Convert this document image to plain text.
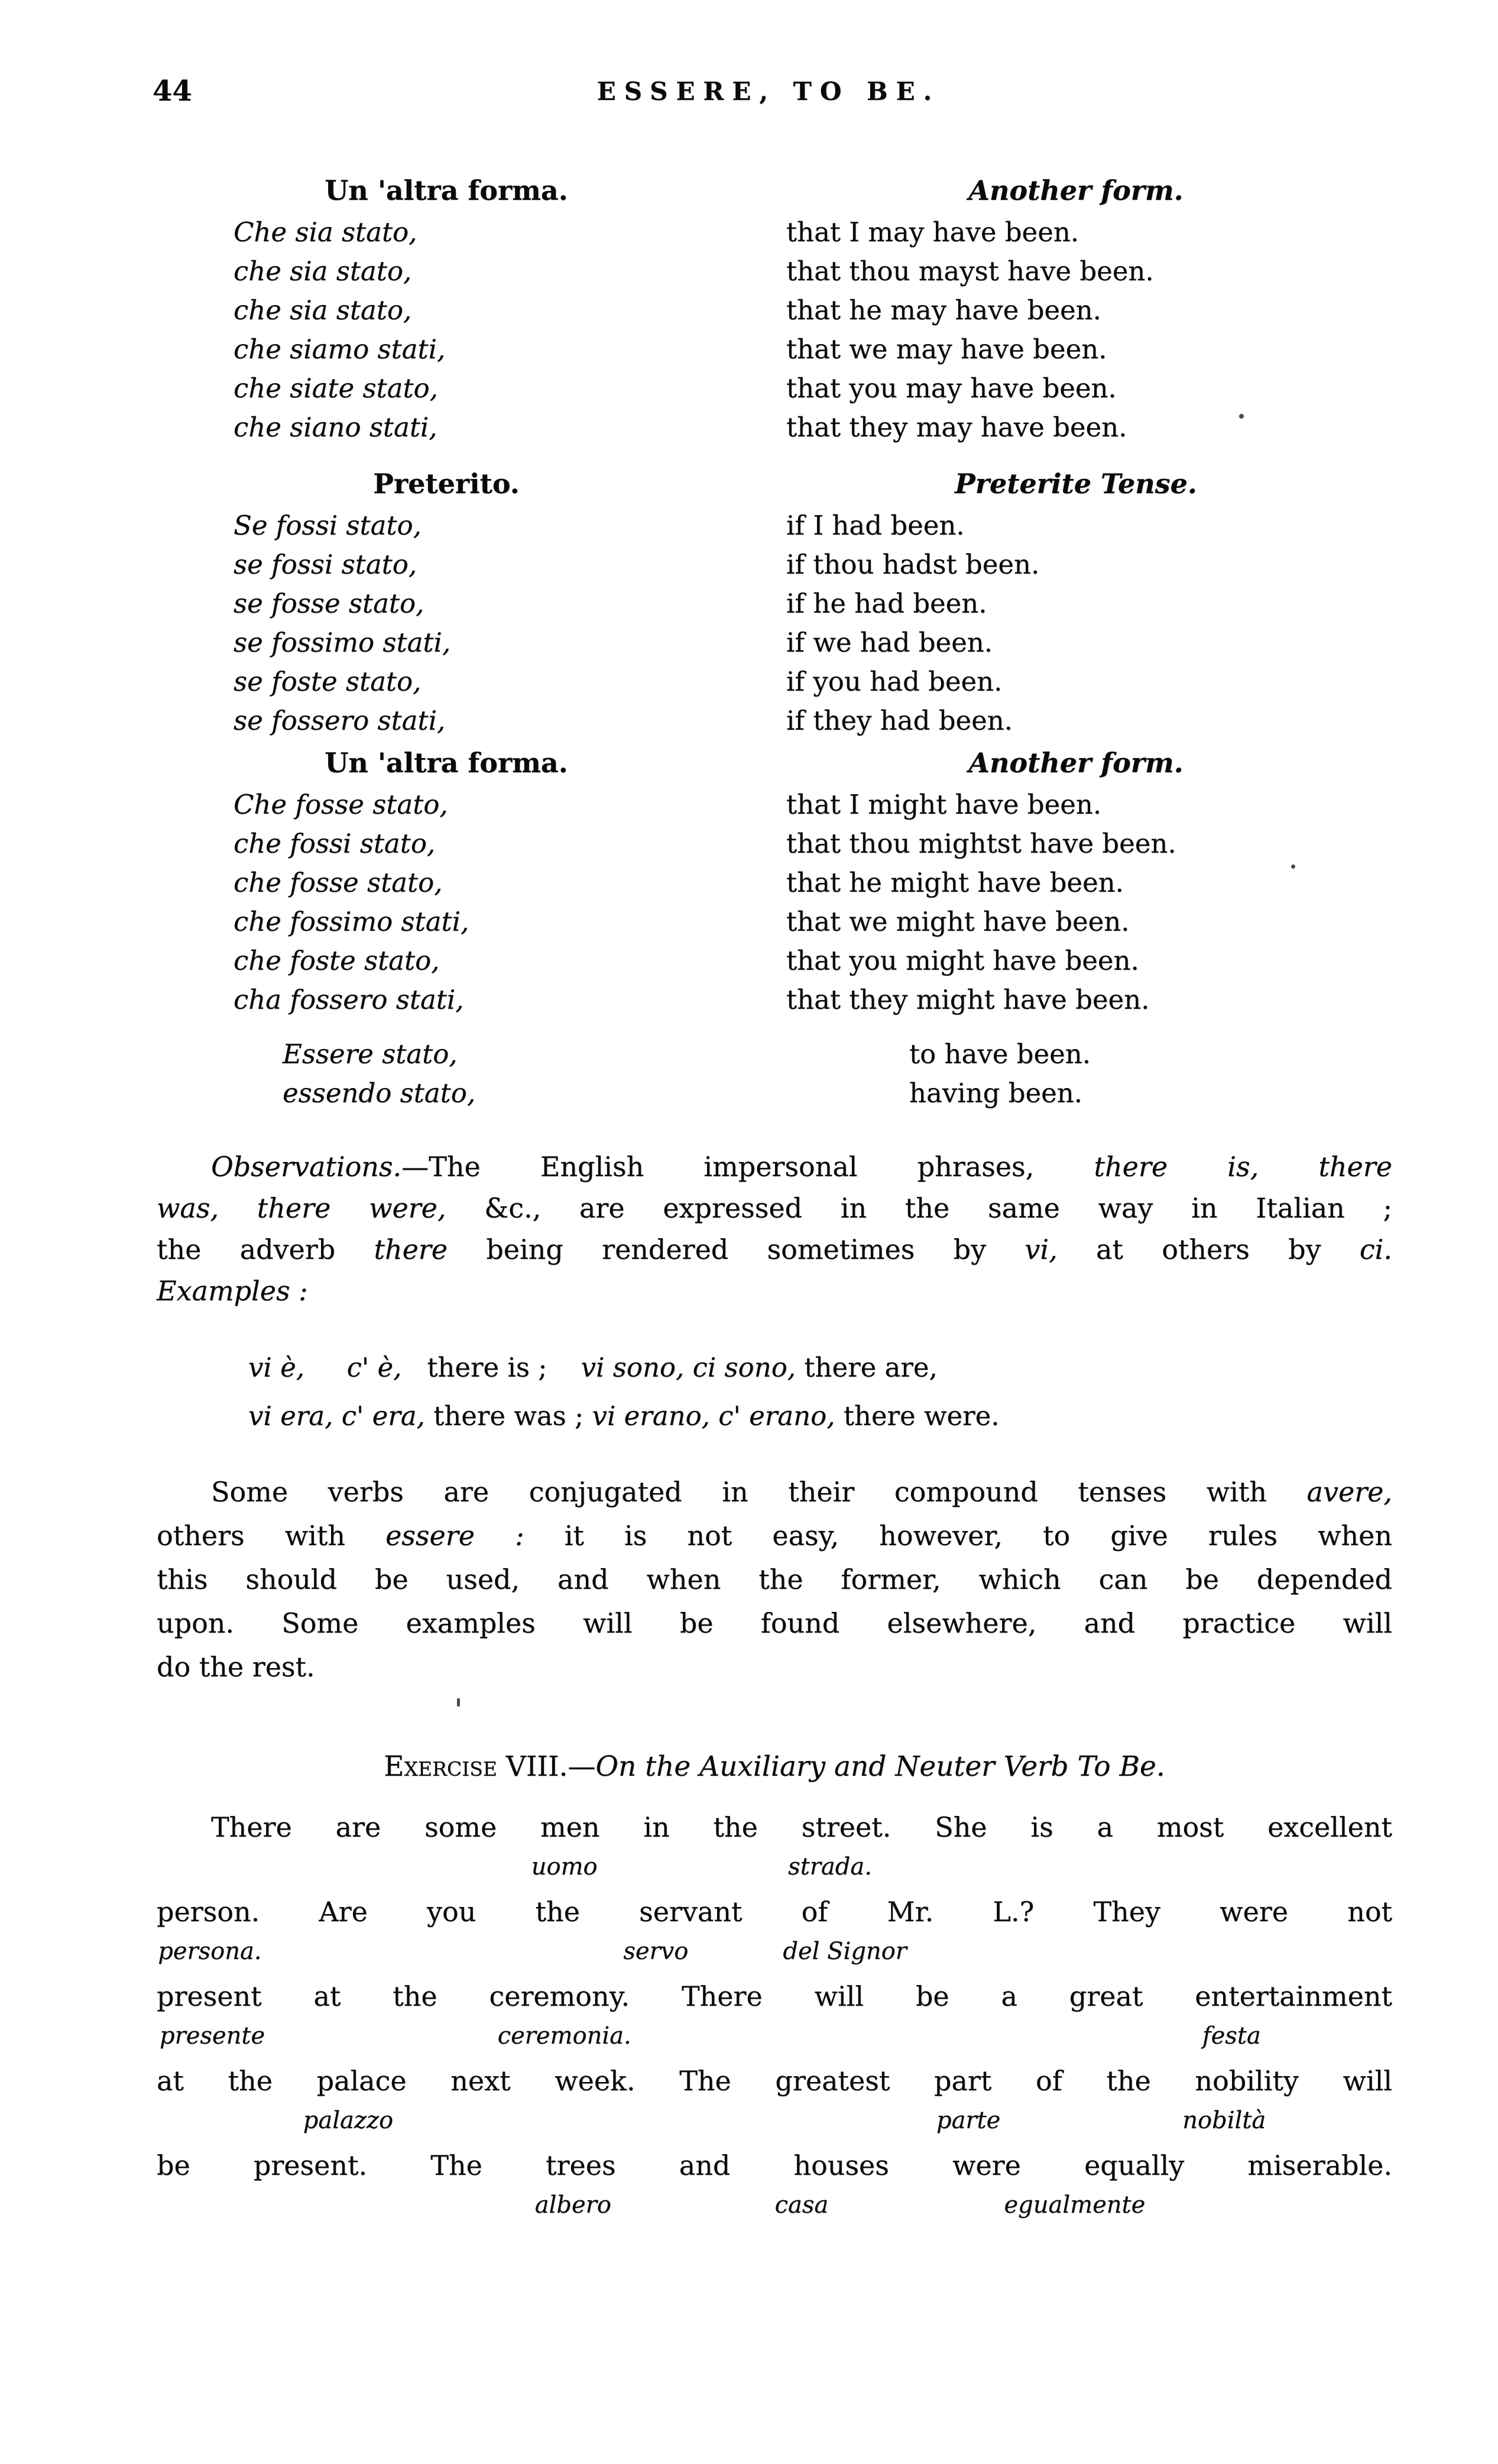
44	ESSERE, TO BE.
Un 'altra forma.	Another form.
Che sia stato,	that I may have been.
che sia stato,	that thou mayst have been.
che sia stato,	that he may have been.
che siamo stati,	that we may have been.
che siate stato,	that you may have been.
che siano stati,	that they may have been.
Preterito.	Preterite Tense.
Se fossi stato,	if I had been.
se fossi stato,	if thou hadst been.
se fosse stato,	if he had been.
se fossimo stati,	if we had been.
se foste stato,	if you had been.
se fossero stati,	if they had been.
Un 'altra forma.	Another form.
Che fosse stato,	that I might have been.
che fossi stato,	that thou mightst have been.
che fosse stato,	that he might have been.
che fossimo stati,	that we might have been.
che foste stato,	that you might have been.
cha fossero stati,	that they might have been.
Essere stato,	to have been.
essendo stato,	having been.
Observations.—The English impersonal phrases, there is, there
was, there were, &c., are expressed in the same way in Italian ;
the adverb there being rendered sometimes by vi, at others by ci.
Examples :
vi è, c' è,   there is ;    vi sono, ci sono, there are,
vi era, c' era, there was ; vi erano, c' erano, there were.
Some verbs are conjugated in their compound tenses with avere,
others with essere : it is not easy, however, to give rules when
this should be used, and when the former, which can be depended
upon. Some examples will be found elsewhere, and practice will
do the rest.
Exercise VIII.—On the Auxiliary and Neuter Verb To Be.
There are some men in the street. She is a most excellent
uomo	strada.
person. Are you the servant of Mr. L.? They were not
persona.	servo	del Signor
present at the ceremony. There will be a great entertainment
presente	ceremonia.	festa
at the palace next week. The greatest part of the nobility will
palazzo	parte	nobiltà
be present. The trees and houses were equally miserable.
albero	casa	egualmente
